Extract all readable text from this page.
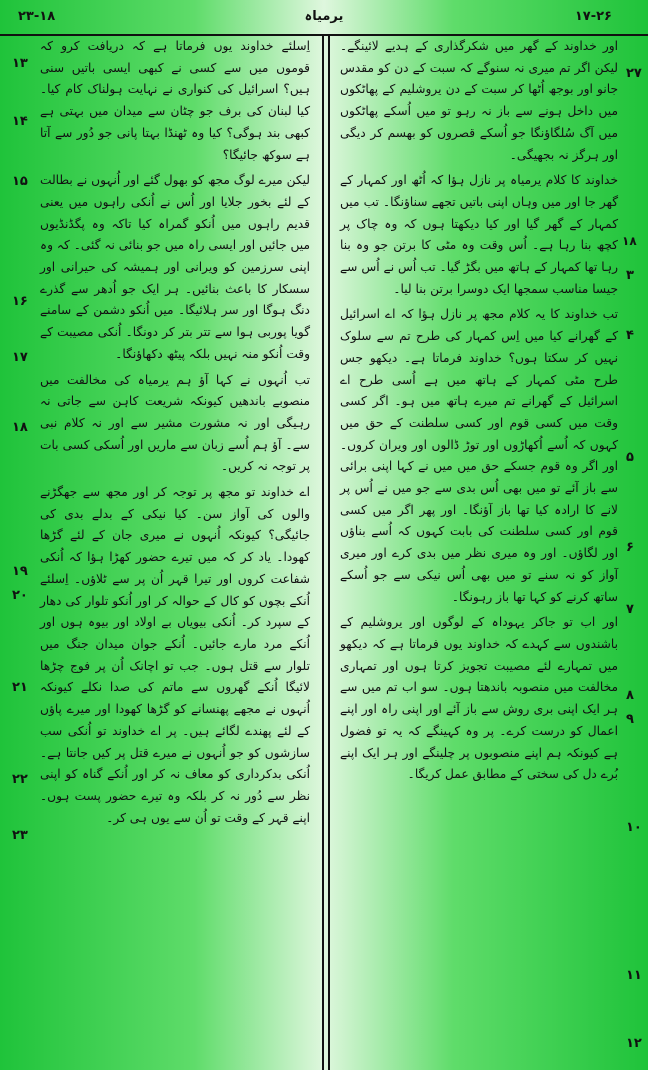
۲۳-۱۸	یرمیاہ	۱۷-۲۶

اور خداوند کے گھر میں شکرگذاری کے ہدیے لائینگے۔ لیکن اگر تم میری نہ سنوگے کہ سبت کے دن کو مقدس جانو اور بوجھ اُٹھا کر سبت کے دن یروشلیم کے پھاٹکوں میں داخل ہونے سے باز نہ رہو تو میں اُسکے پھاٹکوں میں آگ سُلگاؤنگا جو اُسکے قصروں کو بھسم کر دیگی اور ہرگز نہ بجھیگی۔

خداوند کا کلام یرمیاہ پر نازل ہؤا کہ اُٹھ اور کمہار کے گھر جا اور میں وہاں اپنی باتیں تجھے سناؤنگا۔ تب میں کمہار کے گھر گیا اور کیا دیکھتا ہوں کہ وہ چاک پر کچھ بنا رہا ہے۔ اُس وقت وہ مٹی کا برتن جو وہ بنا رہا تھا کمہار کے ہاتھ میں بگڑ گیا۔ تب اُس نے اُس سے جیسا مناسب سمجھا ایک دوسرا برتن بنا لیا۔

تب خداوند کا یہ کلام مجھ پر نازل ہؤا کہ اے اسرائیل کے گھرانے کیا میں اِس کمہار کی طرح تم سے سلوک نہیں کر سکتا ہوں؟ خداوند فرماتا ہے۔ دیکھو جس طرح مٹی کمہار کے ہاتھ میں ہے اُسی طرح اے اسرائیل کے گھرانے تم میرے ہاتھ میں ہو۔ اگر کسی وقت میں کسی قوم اور کسی سلطنت کے حق میں کہوں کہ اُسے اُکھاڑوں اور توڑ ڈالوں اور ویران کروں۔ اور اگر وہ قوم جسکے حق میں میں نے کہا اپنی برائی سے باز آئے تو میں بھی اُس بدی سے جو میں نے اُس پر لانے کا ارادہ کیا تھا باز آؤنگا۔ اور پھر اگر میں کسی قوم اور کسی سلطنت کی بابت کہوں کہ اُسے بناؤں اور لگاؤں۔ اور وہ میری نظر میں بدی کرے اور میری آواز کو نہ سنے تو میں بھی اُس نیکی سے جو اُسکے ساتھ کرنے کو کہا تھا باز رہونگا۔

اور اب تو جاکر یہوداہ کے لوگوں اور یروشلیم کے باشندوں سے کہدے کہ خداوند یوں فرماتا ہے کہ دیکھو میں تمہارے لئے مصیبت تجویز کرتا ہوں اور تمہاری مخالفت میں منصوبہ باندھتا ہوں۔ سو اب تم میں سے ہر ایک اپنی بری روش سے باز آئے اور اپنی راہ اور اپنے اعمال کو درست کرے۔ پر وہ کہینگے کہ یہ تو فضول ہے کیونکہ ہم اپنے منصوبوں پر چلینگے اور ہر ایک اپنے بُرے دل کی سختی کے مطابق عمل کریگا۔

اِسلئے خداوند یوں فرماتا ہے کہ دریافت کرو کہ قوموں میں سے کسی نے کبھی ایسی باتیں سنی ہیں؟ اسرائیل کی کنواری نے نہایت ہولناک کام کیا۔ کیا لبنان کی برف جو چٹان سے میدان میں بہتی ہے کبھی بند ہوگی؟ کیا وہ ٹھنڈا بہتا پانی جو دُور سے آتا ہے سوکھ جائیگا؟

لیکن میرے لوگ مجھ کو بھول گئے اور اُنہوں نے بطالت کے لئے بخور جلایا اور اُس نے اُنکی راہوں میں یعنی قدیم راہوں میں اُنکو گمراہ کیا تاکہ وہ پگڈنڈیوں میں جائیں اور ایسی راہ میں جو بنائی نہ گئی۔ کہ وہ اپنی سرزمین کو ویرانی اور ہمیشہ کی حیرانی اور سسکار کا باعث بنائیں۔ ہر ایک جو اُدھر سے گذرے دنگ ہوگا اور سر ہلائیگا۔ میں اُنکو دشمن کے سامنے گویا پوربی ہوا سے تتر بتر کر دونگا۔ اُنکی مصیبت کے وقت اُنکو منہ نہیں بلکہ پیٹھ دکھاؤنگا۔

تب اُنہوں نے کہا آؤ ہم یرمیاہ کی مخالفت میں منصوبے باندھیں کیونکہ شریعت کاہن سے جاتی نہ رہیگی اور نہ مشورت مشیر سے اور نہ کلام نبی سے۔ آؤ ہم اُسے زبان سے ماریں اور اُسکی کسی بات پر توجہ نہ کریں۔

اے خداوند تو مجھ پر توجہ کر اور مجھ سے جھگڑنے والوں کی آواز سن۔ کیا نیکی کے بدلے بدی کی جائیگی؟ کیونکہ اُنہوں نے میری جان کے لئے گڑھا کھودا۔ یاد کر کہ میں تیرے حضور کھڑا ہؤا کہ اُنکی شفاعت کروں اور تیرا قہر اُن پر سے ٹلاؤں۔ اِسلئے اُنکے بچوں کو کال کے حوالہ کر اور اُنکو تلوار کی دھار کے سپرد کر۔ اُنکی بیویاں بے اولاد اور بیوہ ہوں اور اُنکے مرد مارے جائیں۔ اُنکے جوان میدان جنگ میں تلوار سے قتل ہوں۔ جب تو اچانک اُن پر فوج چڑھا لائیگا اُنکے گھروں سے ماتم کی صدا نکلے کیونکہ اُنہوں نے مجھے پھنسانے کو گڑھا کھودا اور میرے پاؤں کے لئے پھندے لگائے ہیں۔ پر اے خداوند تو اُنکی سب سازشوں کو جو اُنہوں نے میرے قتل پر کیں جانتا ہے۔ اُنکی بدکرداری کو معاف نہ کر اور اُنکے گناہ کو اپنی نظر سے دُور نہ کر بلکہ وہ تیرے حضور پست ہوں۔ اپنے قہر کے وقت تو اُن سے یوں ہی کر۔

۱۸
۲۷
۳
۴
۵
۶
۷
۸
۹
۱۰
۱۱
۱۲
۱۳
۱۴
۱۵
۱۶
۱۷
۱۸
۱۹
۲۰
۲۱
۲۲
۲۳
